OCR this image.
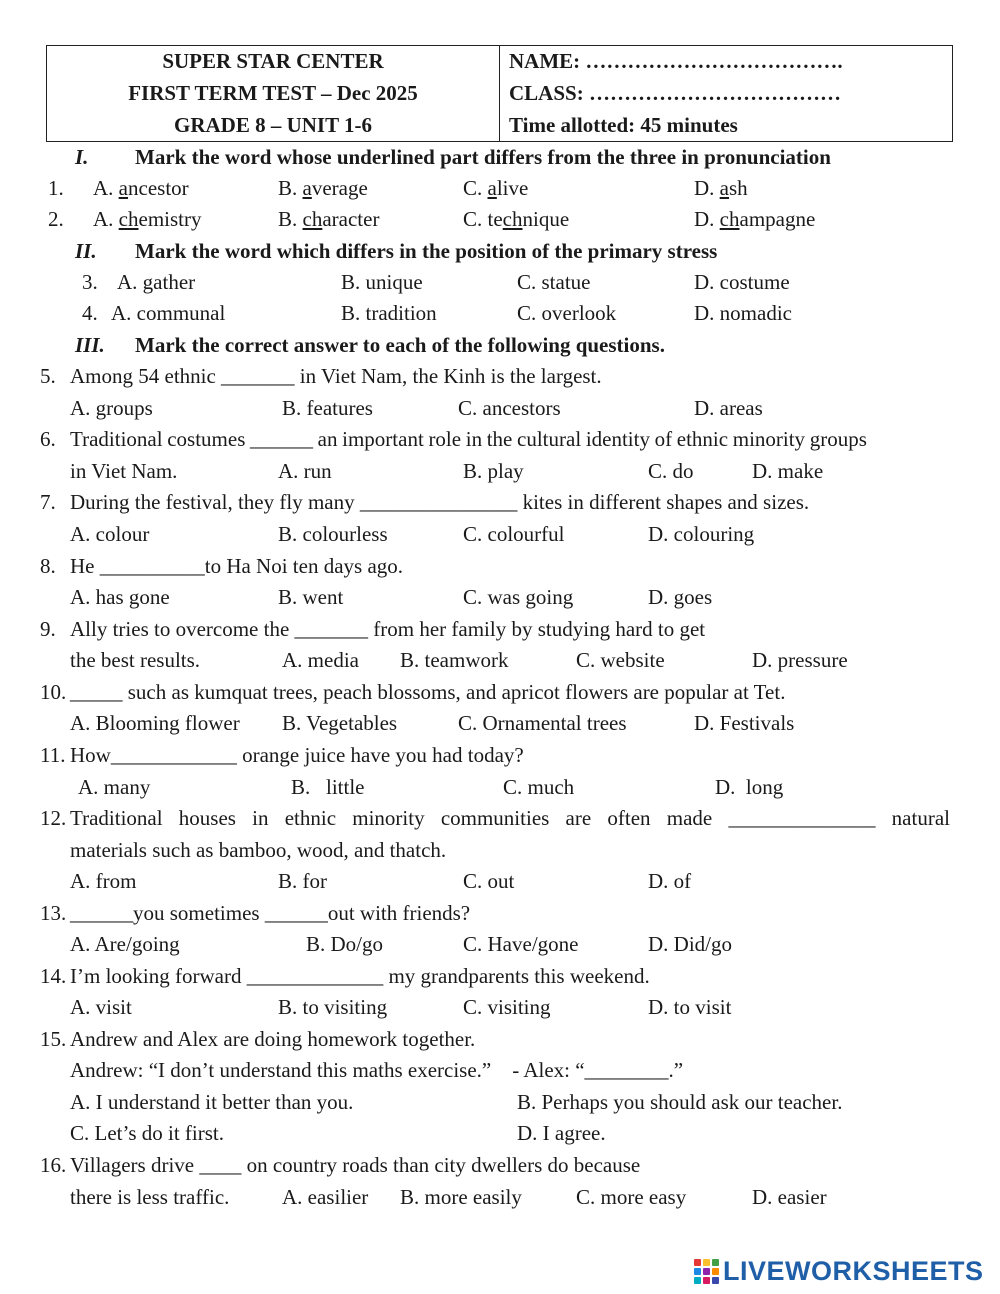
SUPER STAR CENTER
FIRST TERM TEST – Dec 2025
GRADE 8 – UNIT 1-6
NAME: ……………………………….
CLASS: ………………………………
Time allotted: 45 minutes
I. Mark the word whose underlined part differs from the three in pronunciation
1. A. ancestor	B. average	C. alive	D. ash
2. A. chemistry	B. character	C. technique	D. champagne
II. Mark the word which differs in the position of the primary stress
3. A. gather	B. unique	C. statue	D. costume
4. A. communal	B. tradition	C. overlook	D. nomadic
III. Mark the correct answer to each of the following questions.
5. Among 54 ethnic _______ in Viet Nam, the Kinh is the largest.
A. groups	B. features	C. ancestors	D. areas
6. Traditional costumes ______ an important role in the cultural identity of ethnic minority groups
in Viet Nam.	A. run	B. play	C. do	D. make
7. During the festival, they fly many _______________ kites in different shapes and sizes.
A. colour	B. colourless	C. colourful	D. colouring
8. He __________to Ha Noi ten days ago.
A. has gone	B. went	C. was going	D. goes
9. Ally tries to overcome the _______ from her family by studying hard to get
the best results.	A. media B. teamwork	C. website	D. pressure
10. _____ such as kumquat trees, peach blossoms, and apricot flowers are popular at Tet.
A. Blooming flower B. Vegetables	C. Ornamental trees	D. Festivals
11. How____________ orange juice have you had today?
A. many	B.   little	C. much	D.  long
12. Traditional houses in ethnic minority communities are often made ______________ natural
materials such as bamboo, wood, and thatch.
A. from	B. for	C. out	D. of
13. ______you sometimes ______out with friends?
A. Are/going	B. Do/go	C. Have/gone	D. Did/go
14. I’m looking forward _____________ my grandparents this weekend.
A. visit	B. to visiting	C. visiting	D. to visit
15. Andrew and Alex are doing homework together.
Andrew: “I don’t understand this maths exercise.”    - Alex: “________.”
A. I understand it better than you.	B. Perhaps you should ask our teacher.
C. Let’s do it first.	D. I agree.
16. Villagers drive ____ on country roads than city dwellers do because
there is less traffic.	A. easilier B. more easily	C. more easy	D. easier
LIVEWORKSHEETS
